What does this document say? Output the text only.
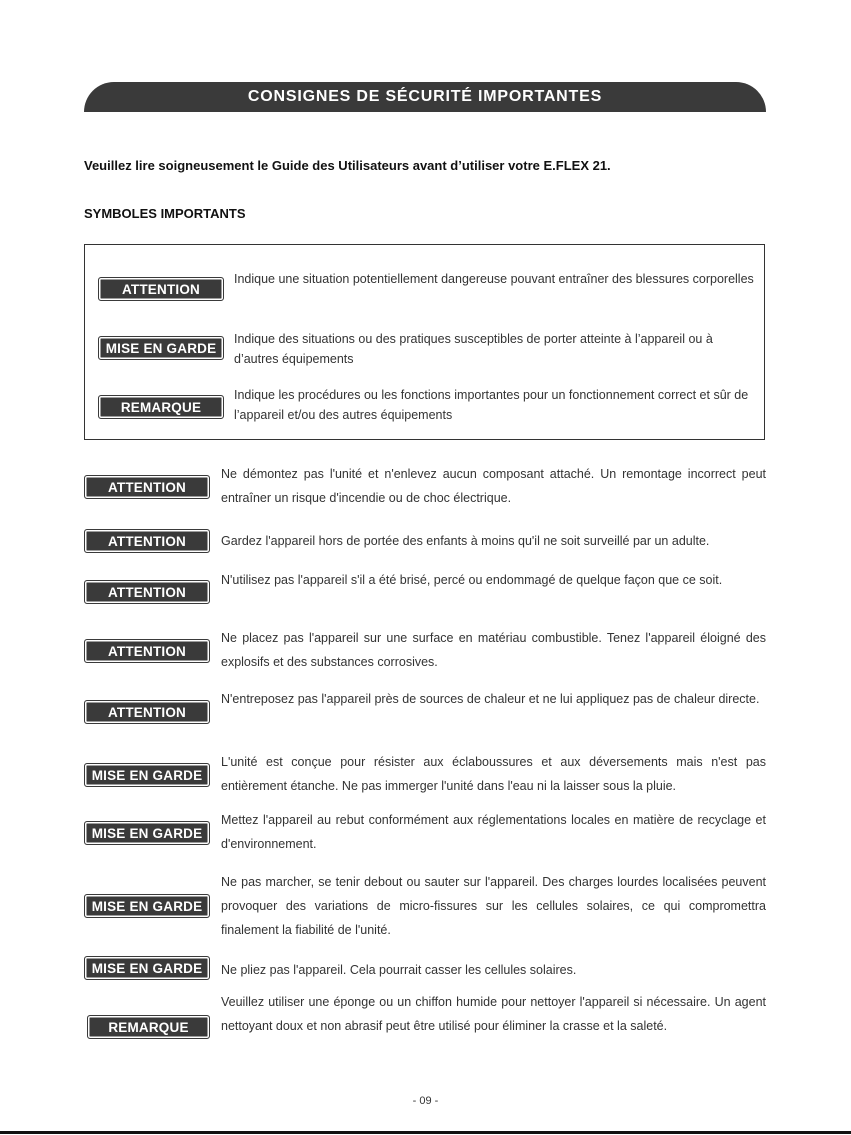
CONSIGNES DE SÉCURITÉ IMPORTANTES
Veuillez lire soigneusement le Guide des Utilisateurs avant d’utiliser votre E.FLEX 21.
SYMBOLES IMPORTANTS
ATTENTION
Indique une situation potentiellement dangereuse pouvant entraîner des blessures corporelles
MISE EN GARDE
Indique des situations ou des pratiques susceptibles de porter atteinte à l’appareil ou à d’autres équipements
REMARQUE
Indique les procédures ou les fonctions importantes pour un fonctionnement correct et sûr de l’appareil et/ou des autres équipements
ATTENTION
Ne démontez pas l'unité et n'enlevez aucun composant attaché. Un remontage incorrect peut entraîner un risque d'incendie ou de choc électrique.
ATTENTION	Gardez l'appareil hors de portée des enfants à moins qu'il ne soit surveillé par un adulte.
ATTENTION
N'utilisez pas l'appareil s'il a été brisé, percé ou endommagé de quelque façon que ce soit.
ATTENTION
Ne placez pas l'appareil sur une surface en matériau combustible. Tenez l'appareil éloigné des explosifs et des substances corrosives.
ATTENTION
N'entreposez pas l'appareil près de sources de chaleur et ne lui appliquez pas de chaleur directe.
MISE EN GARDE
L'unité est conçue pour résister aux éclaboussures et aux déversements mais n'est pas entièrement étanche. Ne pas immerger l'unité dans l'eau ni la laisser sous la pluie.
MISE EN GARDE
Mettez l'appareil au rebut conformément aux réglementations locales en matière de recyclage et d'environnement.
MISE EN GARDE
Ne pas marcher, se tenir debout ou sauter sur l'appareil. Des charges lourdes localisées peuvent provoquer des variations de micro-fissures sur les cellules solaires, ce qui compromettra finalement la fiabilité de l'unité.
MISE EN GARDE	Ne pliez pas l'appareil. Cela pourrait casser les cellules solaires.
REMARQUE
Veuillez utiliser une éponge ou un chiffon humide pour nettoyer l'appareil si nécessaire. Un agent nettoyant doux et non abrasif peut être utilisé pour éliminer la crasse et la saleté.
- 09 -
